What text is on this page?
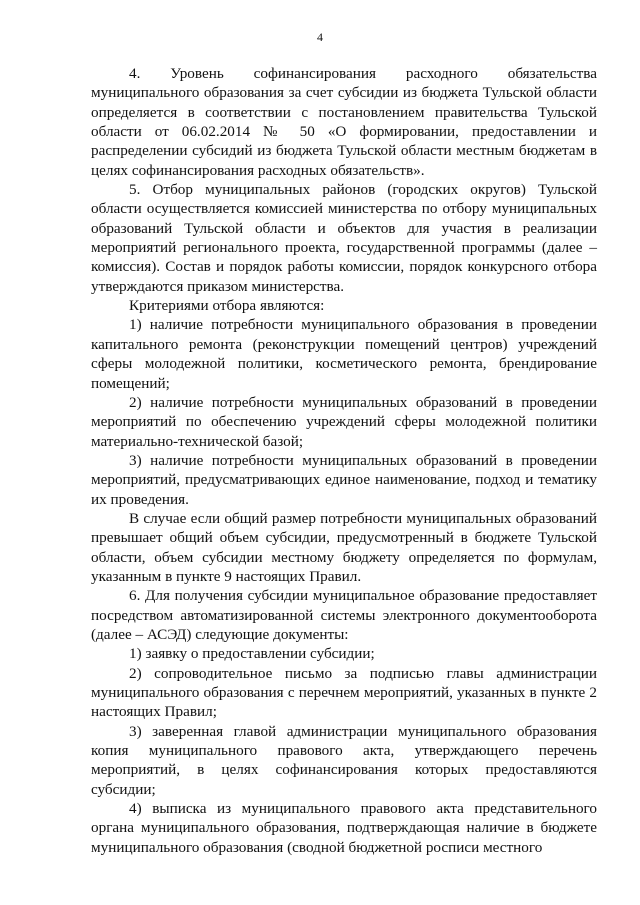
4

4. Уровень софинансирования расходного обязательства муниципального образования за счет субсидии из бюджета Тульской области определяется в соответствии с постановлением правительства Тульской области от 06.02.2014 № 50 «О формировании, предоставлении и распределении субсидий из бюджета Тульской области местным бюджетам в целях софинансирования расходных обязательств».

5. Отбор муниципальных районов (городских округов) Тульской области осуществляется комиссией министерства по отбору муниципальных образований Тульской области и объектов для участия в реализации мероприятий регионального проекта, государственной программы (далее – комиссия). Состав и порядок работы комиссии, порядок конкурсного отбора утверждаются приказом министерства.

Критериями отбора являются:

1) наличие потребности муниципального образования в проведении капитального ремонта (реконструкции помещений центров) учреждений сферы молодежной политики, косметического ремонта, брендирование помещений;

2) наличие потребности муниципальных образований в проведении мероприятий по обеспечению учреждений сферы молодежной политики материально-технической базой;

3) наличие потребности муниципальных образований в проведении мероприятий, предусматривающих единое наименование, подход и тематику их проведения.

В случае если общий размер потребности муниципальных образований превышает общий объем субсидии, предусмотренный в бюджете Тульской области, объем субсидии местному бюджету определяется по формулам, указанным в пункте 9 настоящих Правил.

6. Для получения субсидии муниципальное образование предоставляет посредством автоматизированной системы электронного документооборота (далее – АСЭД) следующие документы:

1) заявку о предоставлении субсидии;

2) сопроводительное письмо за подписью главы администрации муниципального образования с перечнем мероприятий, указанных в пункте 2 настоящих Правил;

3) заверенная главой администрации муниципального образования копия муниципального правового акта, утверждающего перечень мероприятий, в целях софинансирования которых предоставляются субсидии;

4) выписка из муниципального правового акта представительного органа муниципального образования, подтверждающая наличие в бюджете муниципального образования (сводной бюджетной росписи местного
